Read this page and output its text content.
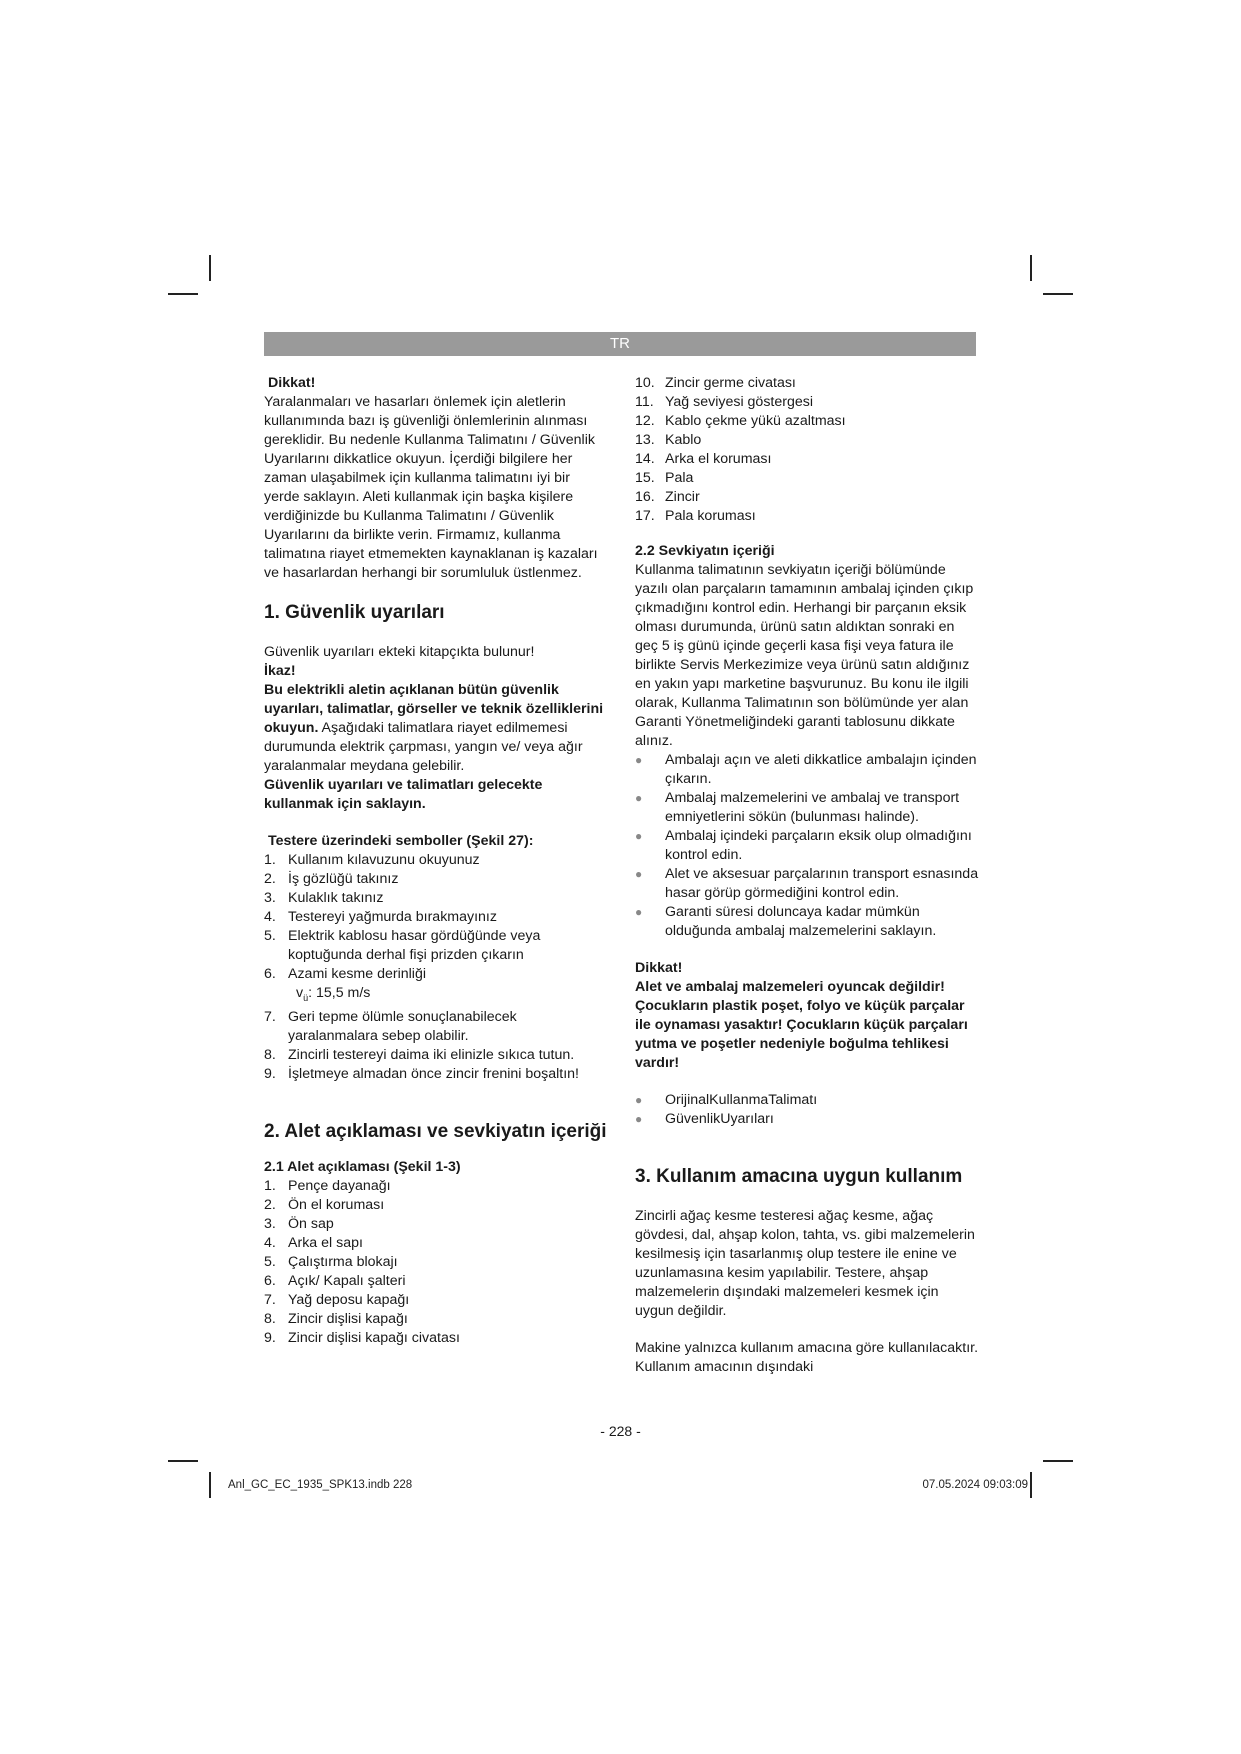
TR

Dikkat!

Yaralanmaları ve hasarları önlemek için aletlerin kullanımında bazı iş güvenliği önlemlerinin alınması gereklidir. Bu nedenle Kullanma Talimatını / Güvenlik Uyarılarını dikkatlice okuyun. İçerdiği bilgilere her zaman ulaşabilmek için kullanma talimatını iyi bir yerde saklayın. Aleti kullanmak için başka kişilere verdiğinizde bu Kullanma Talimatını / Güvenlik Uyarılarını da birlikte verin. Firmamız, kullanma talimatına riayet etmemekten kaynaklanan iş kazaları ve hasarlardan herhangi bir sorumluluk üstlenmez.

1. Güvenlik uyarıları

Güvenlik uyarıları ekteki kitapçıkta bulunur!

İkaz!

Bu elektrikli aletin açıklanan bütün güvenlik uyarıları, talimatlar, görseller ve teknik özelliklerini okuyun. Aşağıdaki talimatlara riayet edilmemesi durumunda elektrik çarpması, yangın ve/ veya ağır yaralanmalar meydana gelebilir.

Güvenlik uyarıları ve talimatları gelecekte kullanmak için saklayın.

Testere üzerindeki semboller (Şekil 27):
1. Kullanım kılavuzunu okuyunuz
2. İş gözlüğü takınız
3. Kulaklık takınız
4. Testereyi yağmurda bırakmayınız
5. Elektrik kablosu hasar gördüğünde veya koptuğunda derhal fişi prizden çıkarın
6. Azami kesme derinliği
$v_ü$: 15,5 m/s
7. Geri tepme ölümle sonuçlanabilecek yaralanmalara sebep olabilir.
8. Zincirli testereyi daima iki elinizle sıkıca tutun.
9. İşletmeye almadan önce zincir frenini boşaltın!
2. Alet açıklaması ve sevkiyatın içeriği
2.1 Alet açıklaması (Şekil 1-3)
1. Pençe dayanağı
2. Ön el koruması
3. Ön sap
4. Arka el sapı
5. Çalıştırma blokajı
6. Açık/ Kapalı şalteri
7. Yağ deposu kapağı
8. Zincir dişlisi kapağı
9. Zincir dişlisi kapağı civatası
10. Zincir germe civatası
11. Yağ seviyesi göstergesi
12. Kablo çekme yükü azaltması
13. Kablo
14. Arka el koruması
15. Pala
16. Zincir
17. Pala koruması
2.2 Sevkiyatın içeriği

Kullanma talimatının sevkiyatın içeriği bölümünde yazılı olan parçaların tamamının ambalaj içinden çıkıp çıkmadığını kontrol edin. Herhangi bir parçanın eksik olması durumunda, ürünü satın aldıktan sonraki en geç 5 iş günü içinde geçerli kasa fişi veya fatura ile birlikte Servis Merkezimize veya ürünü satın aldığınız en yakın yapı marketine başvurunuz. Bu konu ile ilgili olarak, Kullanma Talimatının son bölümünde yer alan Garanti Yönetmeliğindeki garanti tablosunu dikkate alınız.

●	Ambalajı açın ve aleti dikkatlice ambalajın içinden çıkarın.
●	Ambalaj malzemelerini ve ambalaj ve transport emniyetlerini sökün (bulunması halinde).
●	Ambalaj içindeki parçaların eksik olup olmadığını kontrol edin.
●	Alet ve aksesuar parçalarının transport esnasında hasar görüp görmediğini kontrol edin.
●	Garanti süresi doluncaya kadar mümkün olduğunda ambalaj malzemelerini saklayın.

Dikkat!

Alet ve ambalaj malzemeleri oyuncak değildir! Çocukların plastik poşet, folyo ve küçük parçalar ile oynaması yasaktır! Çocukların küçük parçaları yutma ve poşetler nedeniyle boğulma tehlikesi vardır!

●	OrijinalKullanmaTalimatı
●	GüvenlikUyarıları
3. Kullanım amacına uygun kullanım

Zincirli ağaç kesme testeresi ağaç kesme, ağaç gövdesi, dal, ahşap kolon, tahta, vs. gibi malzemelerin kesilmesiş için tasarlanmış olup testere ile enine ve uzunlamasına kesim yapılabilir. Testere, ahşap malzemelerin dışındaki malzemeleri kesmek için uygun değildir.

Makine yalnızca kullanım amacına göre kullanılacaktır. Kullanım amacının dışındaki

- 228 -
Anl_GC_EC_1935_SPK13.indb 228	07.05.2024 09:03:09
